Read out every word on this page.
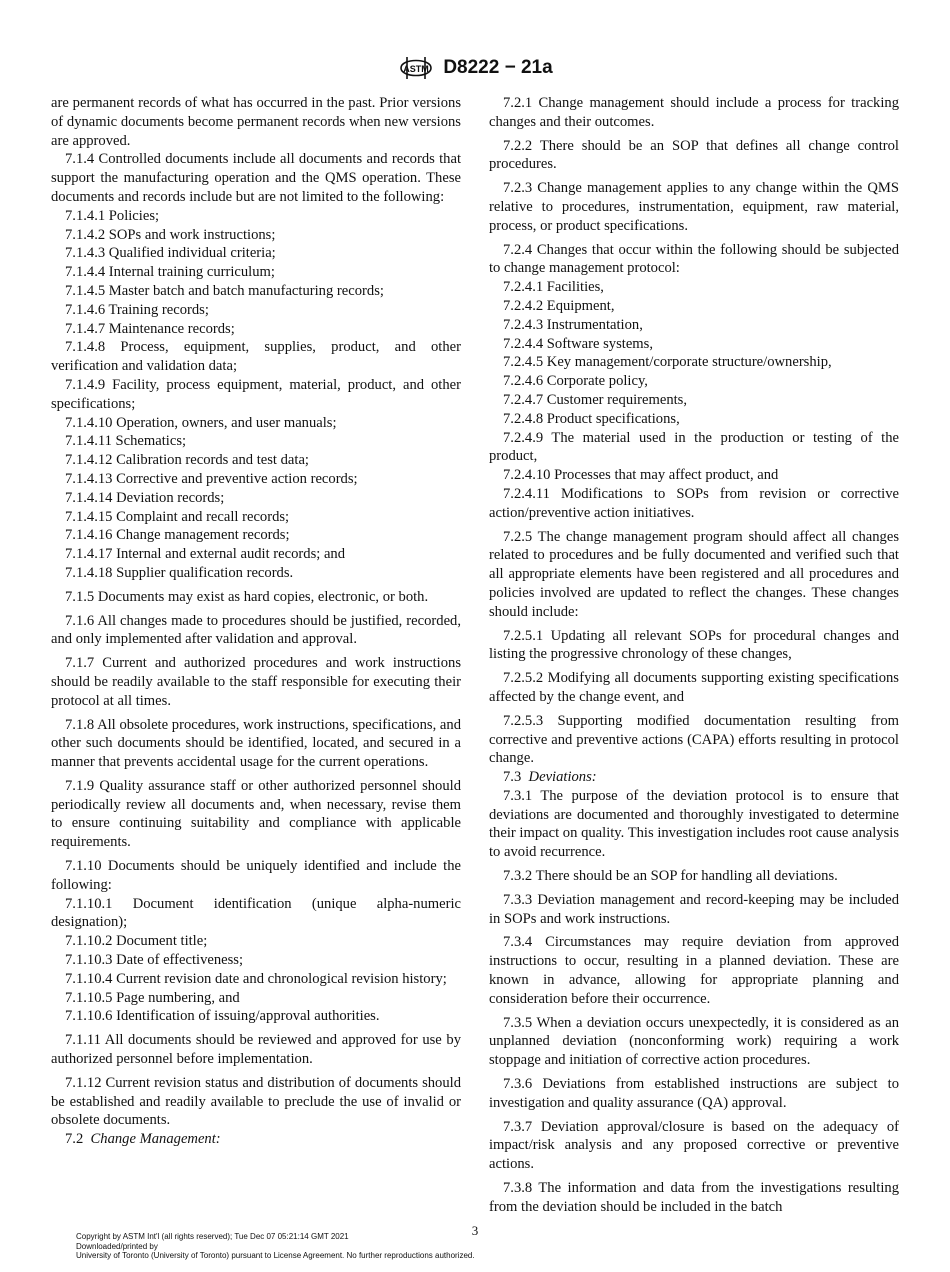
ASTM D8222 − 21a

are permanent records of what has occurred in the past. Prior versions of dynamic documents become permanent records when new versions are approved.

7.1.4 Controlled documents include all documents and records that support the manufacturing operation and the QMS operation. These documents and records include but are not limited to the following:

7.1.4.1 Policies;

7.1.4.2 SOPs and work instructions;

7.1.4.3 Qualified individual criteria;

7.1.4.4 Internal training curriculum;

7.1.4.5 Master batch and batch manufacturing records;

7.1.4.6 Training records;

7.1.4.7 Maintenance records;

7.1.4.8 Process, equipment, supplies, product, and other verification and validation data;

7.1.4.9 Facility, process equipment, material, product, and other specifications;

7.1.4.10 Operation, owners, and user manuals;

7.1.4.11 Schematics;

7.1.4.12 Calibration records and test data;

7.1.4.13 Corrective and preventive action records;

7.1.4.14 Deviation records;

7.1.4.15 Complaint and recall records;

7.1.4.16 Change management records;

7.1.4.17 Internal and external audit records; and

7.1.4.18 Supplier qualification records.

7.1.5 Documents may exist as hard copies, electronic, or both.

7.1.6 All changes made to procedures should be justified, recorded, and only implemented after validation and approval.

7.1.7 Current and authorized procedures and work instructions should be readily available to the staff responsible for executing their protocol at all times.

7.1.8 All obsolete procedures, work instructions, specifications, and other such documents should be identified, located, and secured in a manner that prevents accidental usage for the current operations.

7.1.9 Quality assurance staff or other authorized personnel should periodically review all documents and, when necessary, revise them to ensure continuing suitability and compliance with applicable requirements.

7.1.10 Documents should be uniquely identified and include the following:

7.1.10.1 Document identification (unique alpha-numeric designation);

7.1.10.2 Document title;

7.1.10.3 Date of effectiveness;

7.1.10.4 Current revision date and chronological revision history;

7.1.10.5 Page numbering, and

7.1.10.6 Identification of issuing/approval authorities.

7.1.11 All documents should be reviewed and approved for use by authorized personnel before implementation.

7.1.12 Current revision status and distribution of documents should be established and readily available to preclude the use of invalid or obsolete documents.

7.2 Change Management:

7.2.1 Change management should include a process for tracking changes and their outcomes.

7.2.2 There should be an SOP that defines all change control procedures.

7.2.3 Change management applies to any change within the QMS relative to procedures, instrumentation, equipment, raw material, process, or product specifications.

7.2.4 Changes that occur within the following should be subjected to change management protocol:

7.2.4.1 Facilities,

7.2.4.2 Equipment,

7.2.4.3 Instrumentation,

7.2.4.4 Software systems,

7.2.4.5 Key management/corporate structure/ownership,

7.2.4.6 Corporate policy,

7.2.4.7 Customer requirements,

7.2.4.8 Product specifications,

7.2.4.9 The material used in the production or testing of the product,

7.2.4.10 Processes that may affect product, and

7.2.4.11 Modifications to SOPs from revision or corrective action/preventive action initiatives.

7.2.5 The change management program should affect all changes related to procedures and be fully documented and verified such that all appropriate elements have been registered and all procedures and policies involved are updated to reflect the changes. These changes should include:

7.2.5.1 Updating all relevant SOPs for procedural changes and listing the progressive chronology of these changes,

7.2.5.2 Modifying all documents supporting existing specifications affected by the change event, and

7.2.5.3 Supporting modified documentation resulting from corrective and preventive actions (CAPA) efforts resulting in protocol change.

7.3 Deviations:

7.3.1 The purpose of the deviation protocol is to ensure that deviations are documented and thoroughly investigated to determine their impact on quality. This investigation includes root cause analysis to avoid recurrence.

7.3.2 There should be an SOP for handling all deviations.

7.3.3 Deviation management and record-keeping may be included in SOPs and work instructions.

7.3.4 Circumstances may require deviation from approved instructions to occur, resulting in a planned deviation. These are known in advance, allowing for appropriate planning and consideration before their occurrence.

7.3.5 When a deviation occurs unexpectedly, it is considered as an unplanned deviation (nonconforming work) requiring a work stoppage and initiation of corrective action procedures.

7.3.6 Deviations from established instructions are subject to investigation and quality assurance (QA) approval.

7.3.7 Deviation approval/closure is based on the adequacy of impact/risk analysis and any proposed corrective or preventive actions.

7.3.8 The information and data from the investigations resulting from the deviation should be included in the batch

3
Copyright by ASTM Int'l (all rights reserved); Tue Dec 07 05:21:14 GMT 2021
Downloaded/printed by
University of Toronto (University of Toronto) pursuant to License Agreement. No further reproductions authorized.
